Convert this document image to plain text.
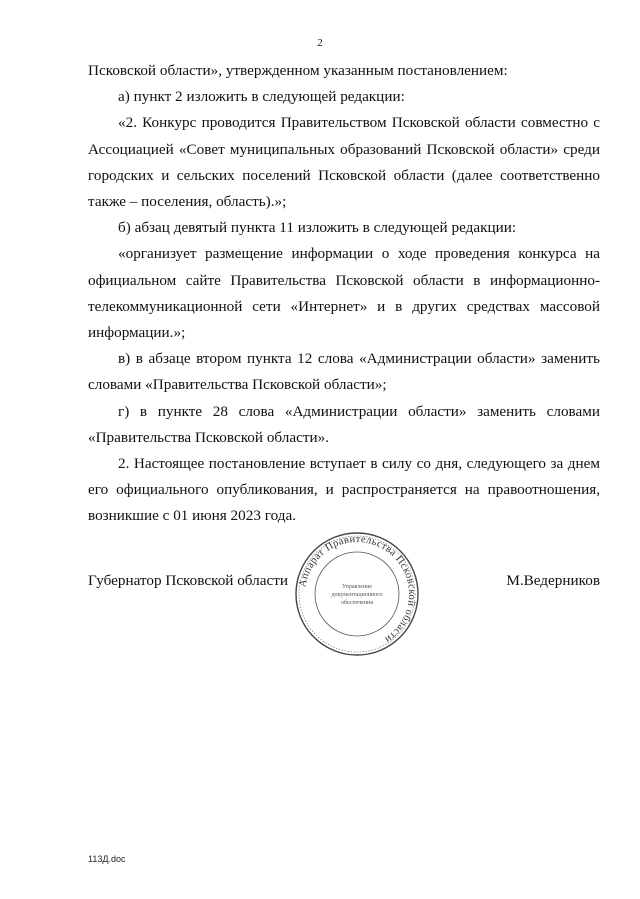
2

Псковской области», утвержденном указанным постановлением:

а) пункт 2 изложить в следующей редакции:

«2. Конкурс проводится Правительством Псковской области совместно с Ассоциацией «Совет муниципальных образований Псковской области» среди городских и сельских поселений Псковской области (далее соответственно также – поселения, область).»;

б) абзац девятый пункта 11 изложить в следующей редакции:

«организует размещение информации о ходе проведения конкурса на официальном сайте Правительства Псковской области в информационно-телекоммуникационной сети «Интернет» и в других средствах массовой информации.»;

в) в абзаце втором пункта 12 слова «Администрации области» заменить словами «Правительства Псковской области»;

г) в пункте 28 слова «Администрации области» заменить словами «Правительства Псковской области».

2. Настоящее постановление вступает в силу со дня, следующего за днем его официального опубликования, и распространяется на правоотношения, возникшие с 01 июня 2023 года.

Губернатор Псковской области	М.Ведерников
Аппарат Правительства Псковской области
Управление
документационного
обеспечения
113Д.doc
